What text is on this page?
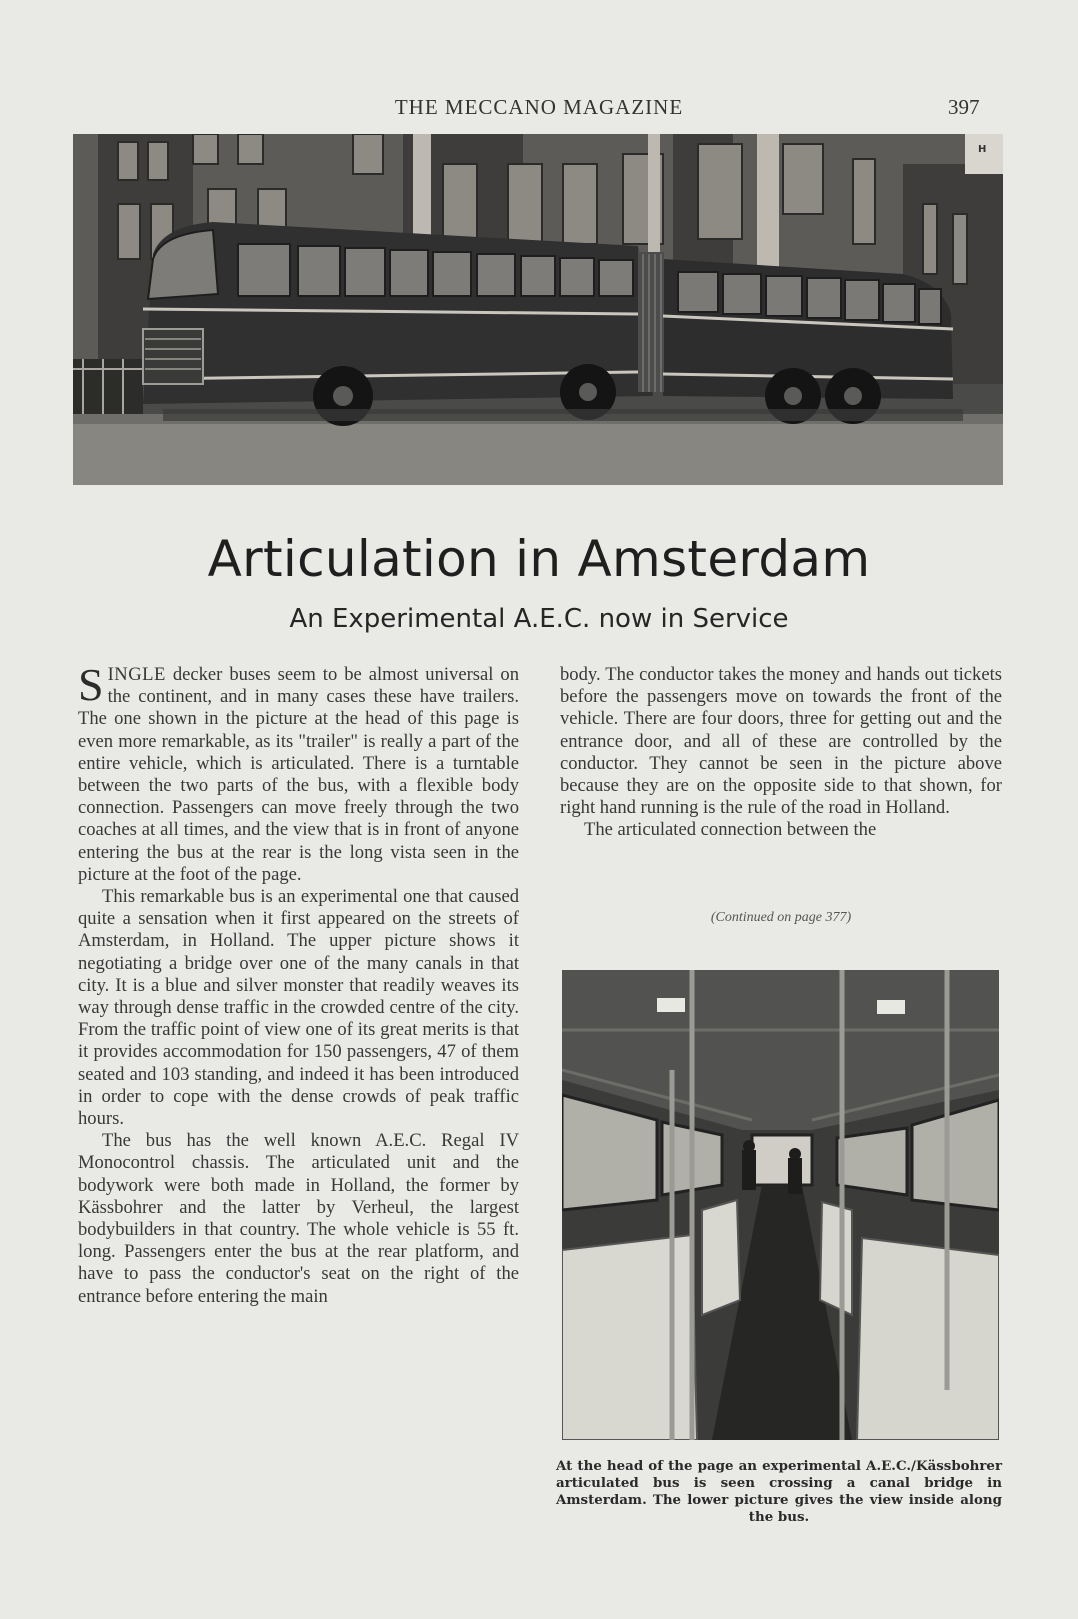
THE MECCANO MAGAZINE	397
H
Articulation in Amsterdam
An Experimental A.E.C. now in Service

SINGLE decker buses seem to be almost universal on the continent, and in many cases these have trailers. The one shown in the picture at the head of this page is even more remarkable, as its "trailer" is really a part of the entire vehicle, which is articulated. There is a turntable between the two parts of the bus, with a flexible body connection. Passengers can move freely through the two coaches at all times, and the view that is in front of anyone entering the bus at the rear is the long vista seen in the picture at the foot of the page.

This remarkable bus is an experimental one that caused quite a sensation when it first appeared on the streets of Amsterdam, in Holland. The upper picture shows it negotiating a bridge over one of the many canals in that city. It is a blue and silver monster that readily weaves its way through dense traffic in the crowded centre of the city. From the traffic point of view one of its great merits is that it provides accommodation for 150 passengers, 47 of them seated and 103 standing, and indeed it has been introduced in order to cope with the dense crowds of peak traffic hours.

The bus has the well known A.E.C. Regal IV Monocontrol chassis. The articulated unit and the bodywork were both made in Holland, the former by Kässbohrer and the latter by Verheul, the largest bodybuilders in that country. The whole vehicle is 55 ft. long. Passengers enter the bus at the rear platform, and have to pass the conductor's seat on the right of the entrance before entering the main

body. The conductor takes the money and hands out tickets before the passengers move on towards the front of the vehicle. There are four doors, three for getting out and the entrance door, and all of these are controlled by the conductor. They cannot be seen in the picture above because they are on the opposite side to that shown, for right hand running is the rule of the road in Holland.

The articulated connection between the

(Continued on page 377)
At the head of the page an experimental A.E.C./Kässbohrer articulated bus is seen crossing a canal bridge in Amsterdam. The lower picture gives the view inside along the bus.
